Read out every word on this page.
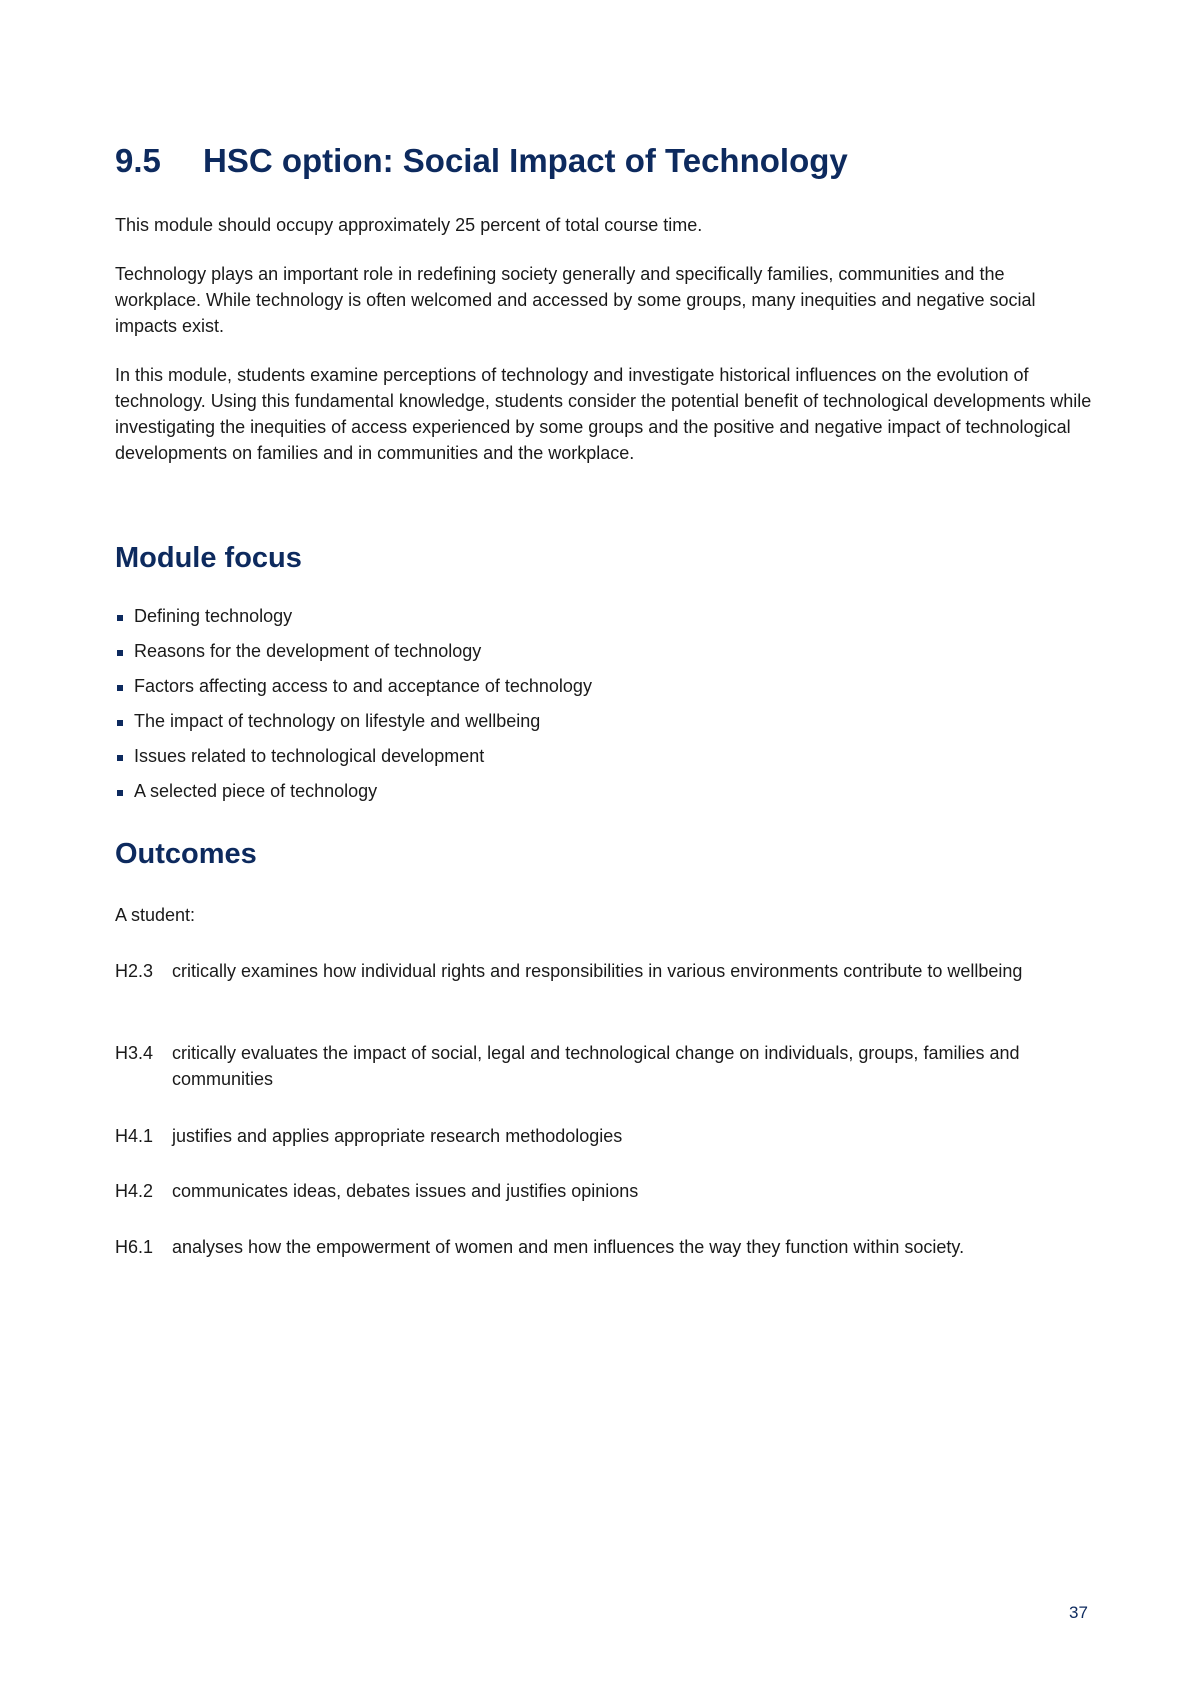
9.5 HSC option: Social Impact of Technology

This module should occupy approximately 25 percent of total course time.

Technology plays an important role in redefining society generally and specifically families, communities and the workplace. While technology is often welcomed and accessed by some groups, many inequities and negative social impacts exist.

In this module, students examine perceptions of technology and investigate historical influences on the evolution of technology. Using this fundamental knowledge, students consider the potential benefit of technological developments while investigating the inequities of access experienced by some groups and the positive and negative impact of technological developments on families and in communities and the workplace.

Module focus
Defining technology
Reasons for the development of technology
Factors affecting access to and acceptance of technology
The impact of technology on lifestyle and wellbeing
Issues related to technological development
A selected piece of technology
Outcomes

A student:

H2.3 critically examines how individual rights and responsibilities in various environments contribute to wellbeing
H3.4 critically evaluates the impact of social, legal and technological change on individuals, groups, families and communities
H4.1 justifies and applies appropriate research methodologies
H4.2 communicates ideas, debates issues and justifies opinions
H6.1 analyses how the empowerment of women and men influences the way they function within society.
37
